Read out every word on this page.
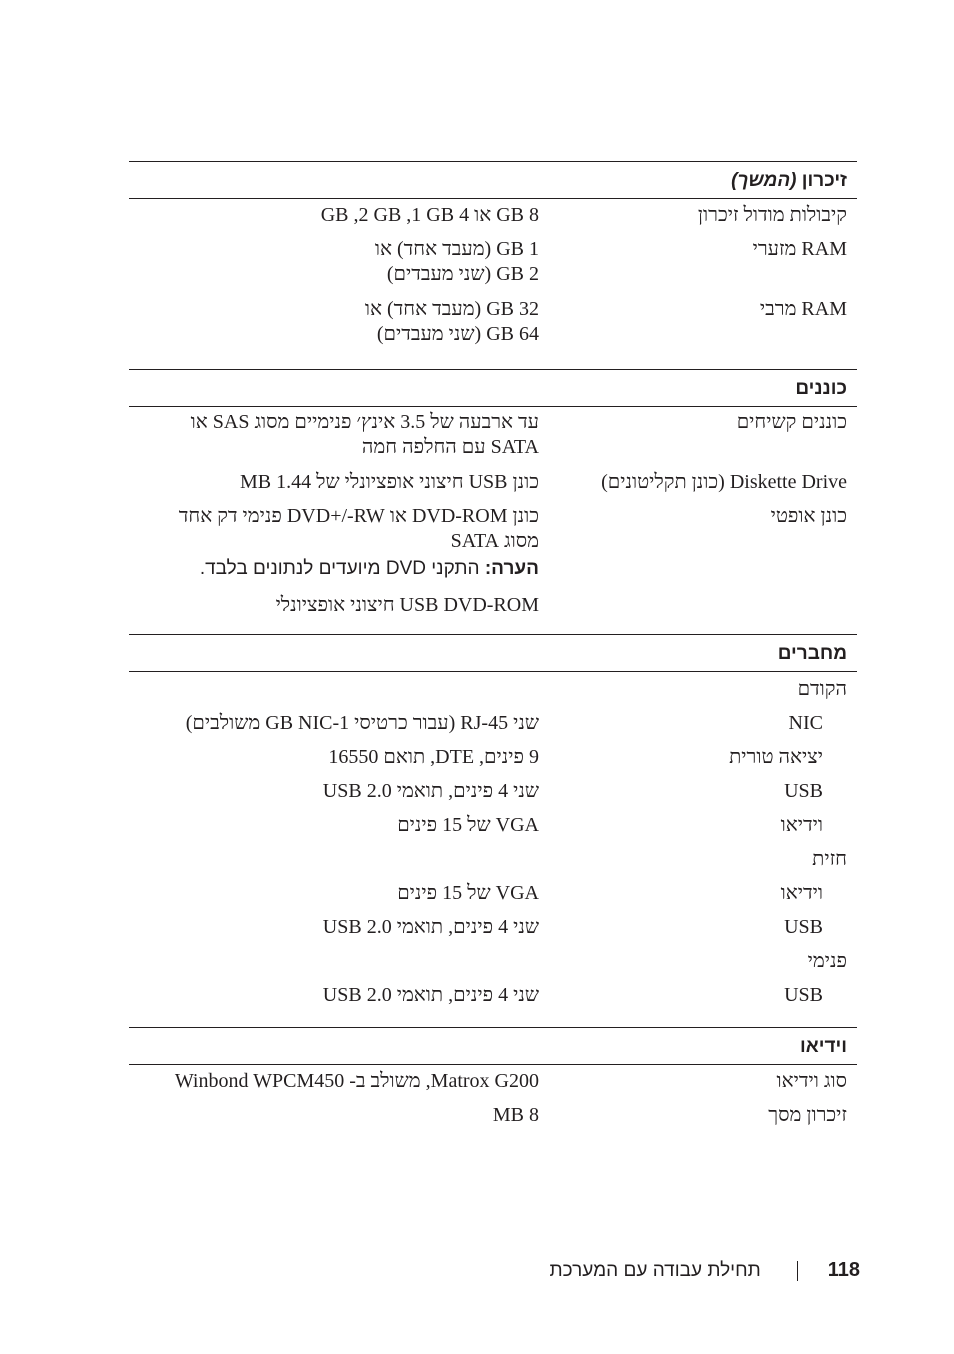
זיכרון (המשך)
קיבולות מודול זיכרון
8 GB או 4 GB ,2 GB ,1 GB
RAM מזערי
1 GB (מעבד אחד) או
2 GB (שני מעבדים)
RAM מרבי
32 GB (מעבד אחד) או
64 GB (שני מעבדים)
כוננים
כוננים קשיחים
עד ארבעה של 3.5 אינץ׳ פנימיים מסוג SAS או
SATA עם החלפה חמה
Diskette Drive (כונן תקליטונים)
כונן USB חיצוני אופציונלי של 1.44 MB
כונן אופטי
כונן DVD-ROM או DVD+/-RW פנימי דק אחד
מסוג SATA
הערה: התקני DVD מיועדים לנתונים בלבד.
USB DVD-ROM חיצוני אופציונלי
מחברים
הקודם
NIC
שני RJ-45 (עבור כרטיסי 1-GB NIC משולבים)
יציאה טורית
9 פינים, DTE, תואם 16550
USB
שני 4 פינים, תואמי USB 2.0
וידיאו
VGA של 15 פינים
חזית
וידיאו
VGA של 15 פינים
USB
שני 4 פינים, תואמי USB 2.0
פנימי
USB
שני 4 פינים, תואמי USB 2.0
וידיאו
סוג וידיאו
Matrox G200, משולב ב- Winbond WPCM450
זיכרון מסך
8 MB
118
תחילת עבודה עם המערכת
